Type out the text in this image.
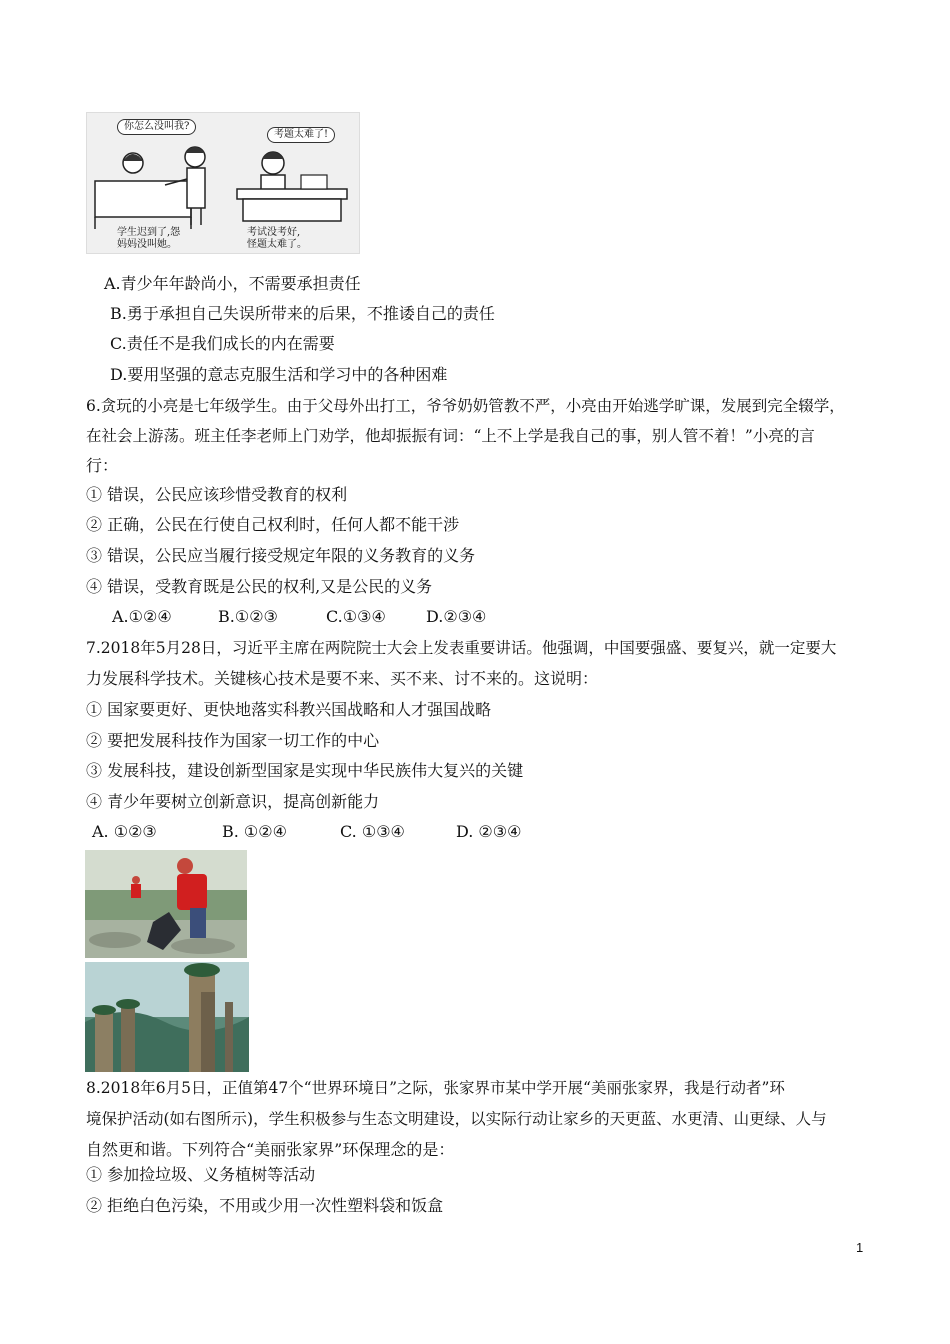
你怎么没叫我?
考题太难了!
学生迟到了,怨
妈妈没叫她。
考试没考好,
怪题太难了。
A.青少年年龄尚小，不需要承担责任
B.勇于承担自己失误所带来的后果，不推诿自己的责任
C.责任不是我们成长的内在需要
D.要用坚强的意志克服生活和学习中的各种困难
6.贪玩的小亮是七年级学生。由于父母外出打工，爷爷奶奶管教不严，小亮由开始逃学旷课，发展到完全辍学，
在社会上游荡。班主任李老师上门劝学，他却振振有词：“上不上学是我自己的事，别人管不着！”小亮的言
行：
① 错误，公民应该珍惜受教育的权利
② 正确，公民在行使自己权利时，任何人都不能干涉
③ 错误，公民应当履行接受规定年限的义务教育的义务
④ 错误，受教育既是公民的权利,又是公民的义务
A.①②④	B.①②③	C.①③④	D.②③④
7.2018年5月28日，习近平主席在两院院士大会上发表重要讲话。他强调，中国要强盛、要复兴，就一定要大
力发展科学技术。关键核心技术是要不来、买不来、讨不来的。这说明：
① 国家要更好、更快地落实科教兴国战略和人才强国战略
② 要把发展科技作为国家一切工作的中心
③ 发展科技，建设创新型国家是实现中华民族伟大复兴的关键
④ 青少年要树立创新意识，提高创新能力
A. ①②③	B. ①②④	C. ①③④	D. ②③④
8.2018年6月5日，正值第47个“世界环境日”之际，张家界市某中学开展“美丽张家界，我是行动者”环
境保护活动(如右图所示)，学生积极参与生态文明建设，以实际行动让家乡的天更蓝、水更清、山更绿、人与
自然更和谐。下列符合“美丽张家界”环保理念的是：
① 参加捡垃圾、义务植树等活动
② 拒绝白色污染，不用或少用一次性塑料袋和饭盒
1
